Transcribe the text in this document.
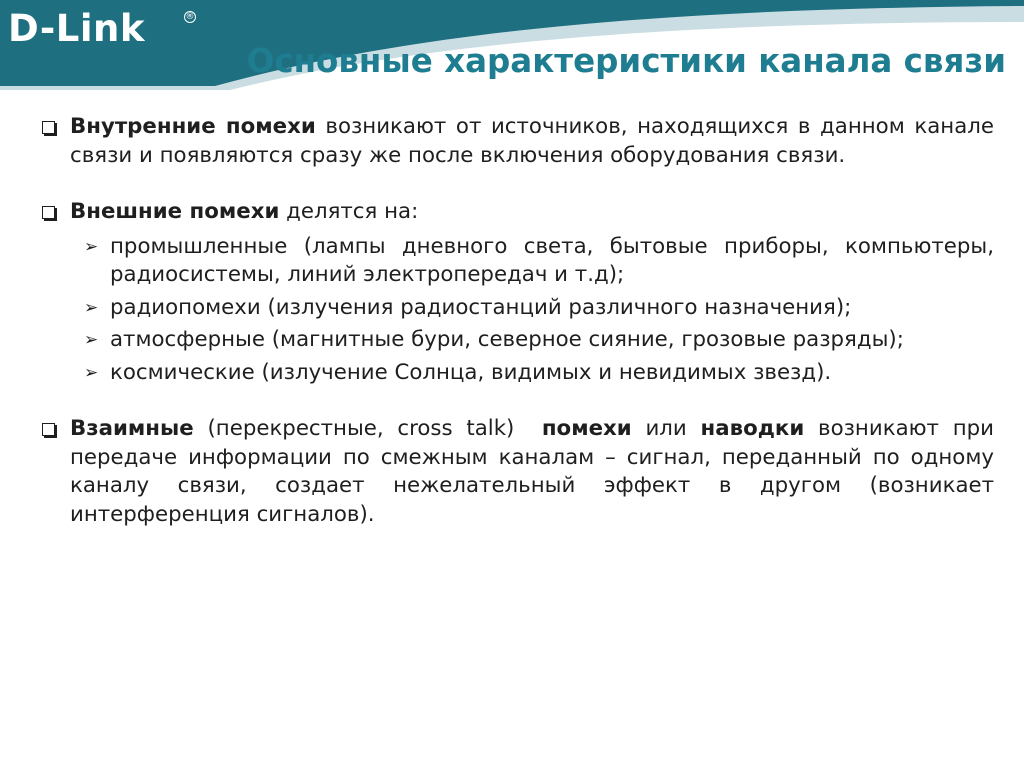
D-Link	®
Основные характеристики канала связи
Внутренние помехи возникают от источников, находящихся в данном канале связи и появляются сразу же после включения оборудования связи.
Внешние помехи делятся на:
➢ промышленные (лампы дневного света, бытовые приборы, компьютеры, радиосистемы, линий электропередач и т.д);
➢ радиопомехи (излучения радиостанций различного назначения);
➢ атмосферные (магнитные бури, северное сияние, грозовые разряды);
➢ космические (излучение Солнца, видимых и невидимых звезд).
Взаимные (перекрестные, cross talk)  помехи или наводки возникают при передаче информации по смежным каналам – сигнал, переданный по одному каналу связи, создает нежелательный эффект в другом (возникает интерференция сигналов).
